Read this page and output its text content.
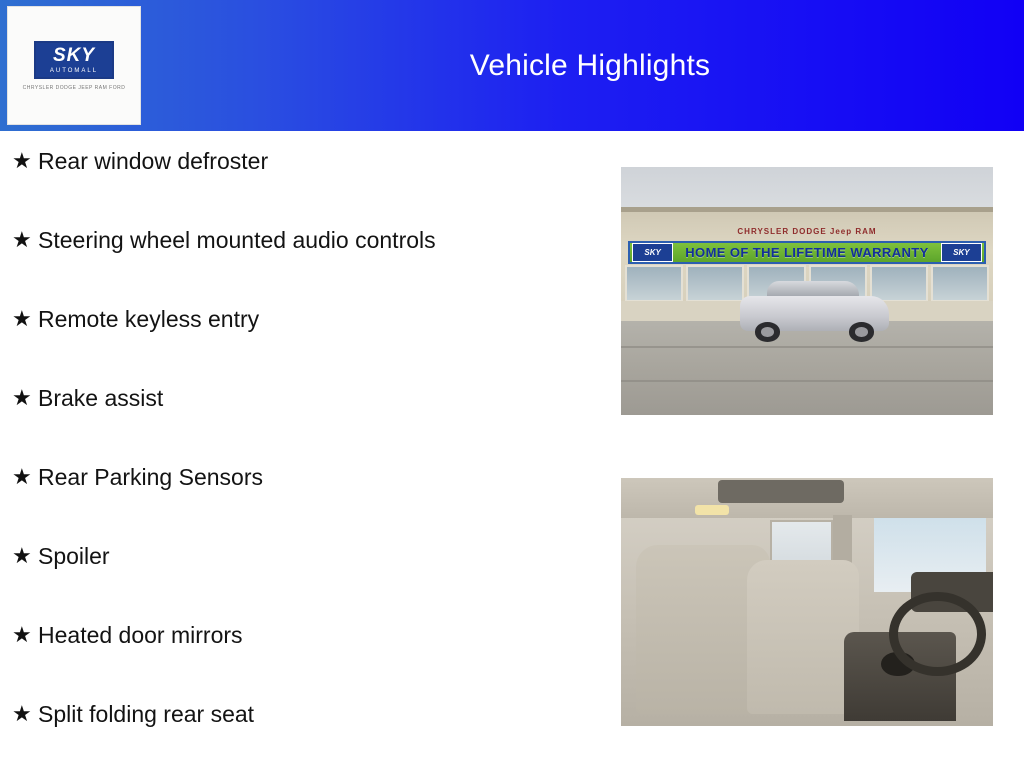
SKY
AUTOMALL
CHRYSLER DODGE JEEP RAM FORD
Vehicle Highlights
★ Rear window defroster
★ Steering wheel mounted audio controls
★ Remote keyless entry
★ Brake assist
★ Rear Parking Sensors
★ Spoiler
★ Heated door mirrors
★ Split folding rear seat
CHRYSLER DODGE Jeep RAM
HOME OF THE LIFETIME WARRANTY
SKY	SKY
